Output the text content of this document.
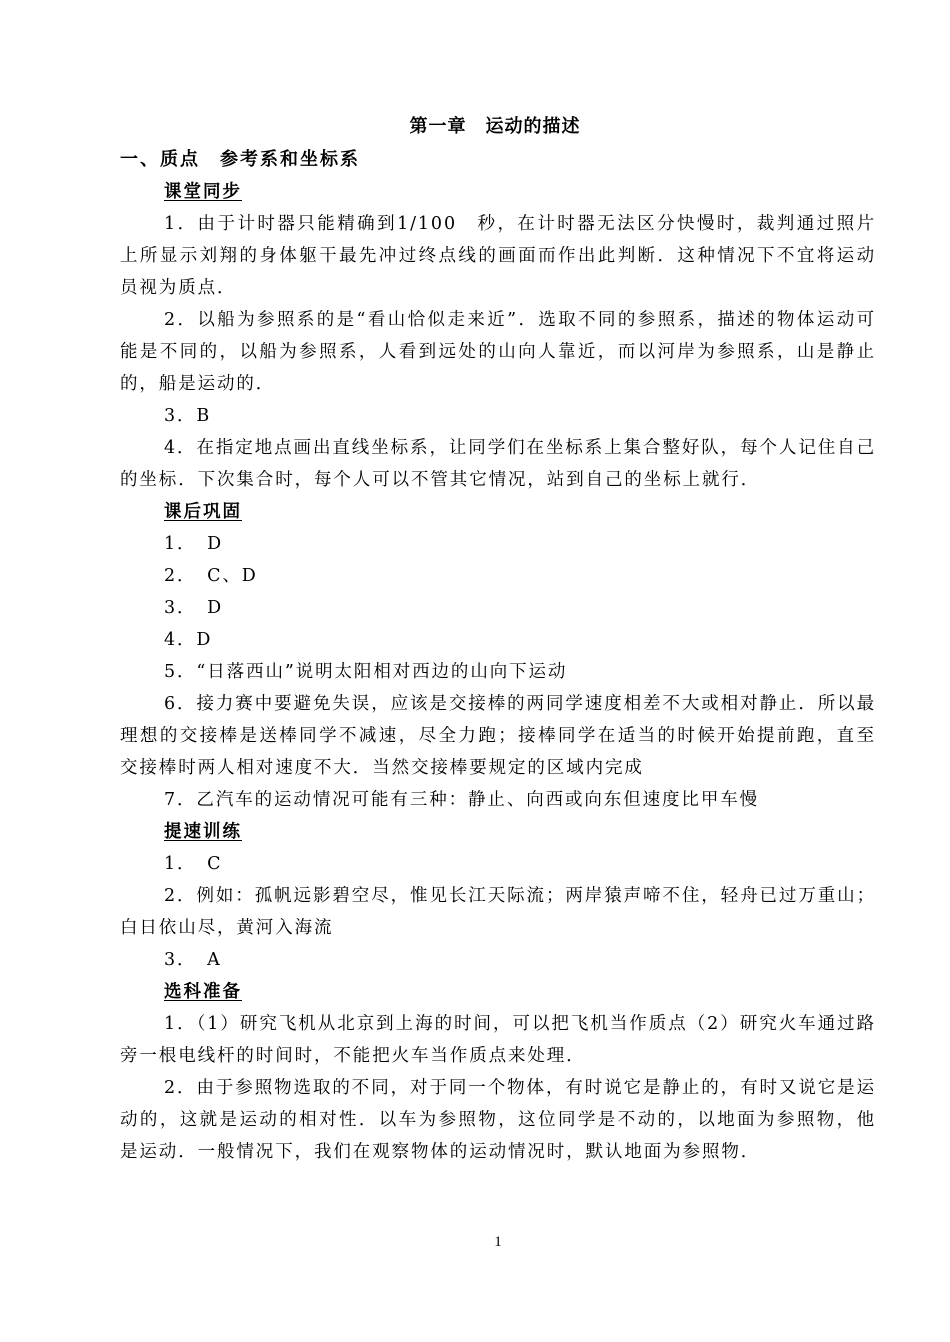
第一章　运动的描述
一、质点　参考系和坐标系

课堂同步

1．由于计时器只能精确到1/100　秒，在计时器无法区分快慢时，裁判通过照片上所显示刘翔的身体躯干最先冲过终点线的画面而作出此判断．这种情况下不宜将运动员视为质点．

2．以船为参照系的是“看山恰似走来近”．选取不同的参照系，描述的物体运动可能是不同的，以船为参照系，人看到远处的山向人靠近，而以河岸为参照系，山是静止的，船是运动的．

3．B

4．在指定地点画出直线坐标系，让同学们在坐标系上集合整好队，每个人记住自己的坐标．下次集合时，每个人可以不管其它情况，站到自己的坐标上就行．

课后巩固

1．　D

2．　C、D

3．　D

4．D

5．“日落西山”说明太阳相对西边的山向下运动

6．接力赛中要避免失误，应该是交接棒的两同学速度相差不大或相对静止．所以最理想的交接棒是送棒同学不减速，尽全力跑；接棒同学在适当的时候开始提前跑，直至交接棒时两人相对速度不大．当然交接棒要规定的区域内完成

7．乙汽车的运动情况可能有三种：静止、向西或向东但速度比甲车慢

提速训练

1．　C

2．例如：孤帆远影碧空尽，惟见长江天际流；两岸猿声啼不住，轻舟已过万重山；白日依山尽，黄河入海流

3．　A

选科准备

1．（1）研究飞机从北京到上海的时间，可以把飞机当作质点（2）研究火车通过路旁一根电线杆的时间时，不能把火车当作质点来处理．

2．由于参照物选取的不同，对于同一个物体，有时说它是静止的，有时又说它是运动的，这就是运动的相对性．以车为参照物，这位同学是不动的，以地面为参照物，他是运动．一般情况下，我们在观察物体的运动情况时，默认地面为参照物．

1
